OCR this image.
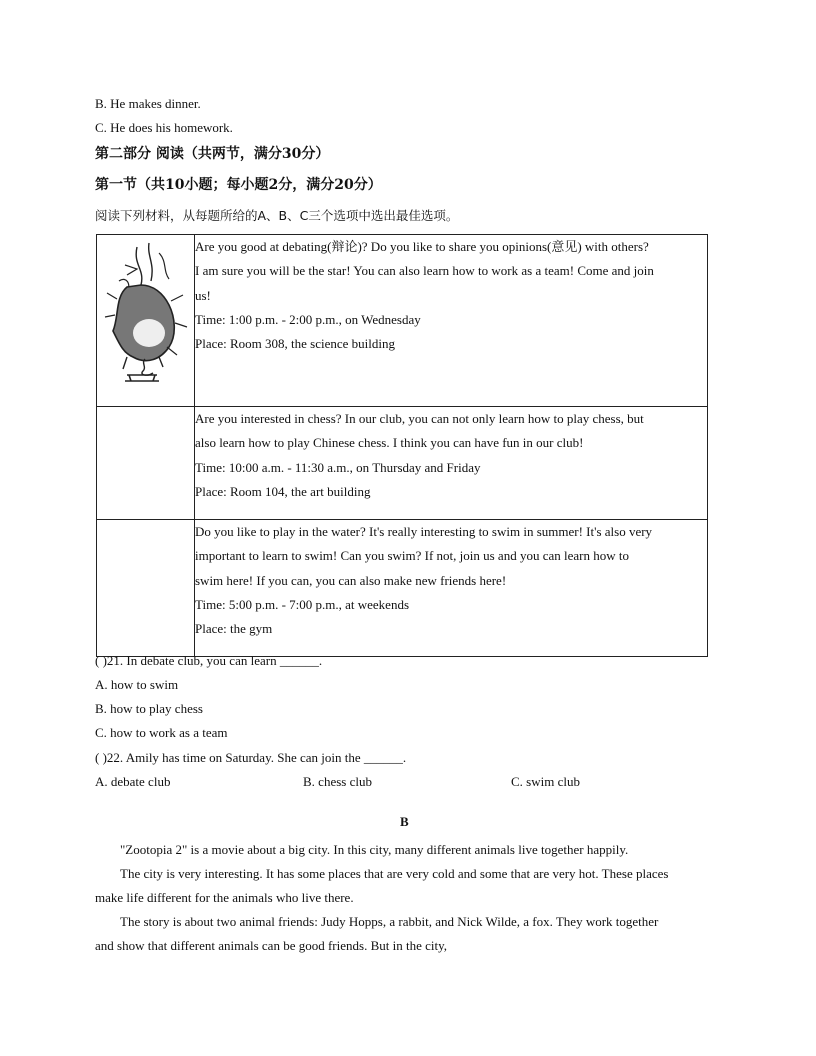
B. He makes dinner.
C. He does his homework.
第二部分 阅读（共两节，满分30分）
第一节（共10小题；每小题2分，满分20分）
阅读下列材料，从每题所给的A、B、C三个选项中选出最佳选项。

Are you good at debating(辩论)? Do you like to share you opinions(意见) with others?
I am sure you will be the star! You can also learn how to work as a team! Come and join
us!
Time: 1:00 p.m. - 2:00 p.m., on Wednesday
Place: Room 308, the science building

	Are you interested in chess? In our club, you can not only learn how to play chess, but
also learn how to play Chinese chess. I think you can have fun in our club!
Time: 10:00 a.m. - 11:30 a.m., on Thursday and Friday
Place: Room 104, the art building

	Do you like to play in the water? It's really interesting to swim in summer! It's also very
important to learn to swim! Can you swim? If not, join us and you can learn how to
swim here! If you can, you can also make new friends here!
Time: 5:00 p.m. - 7:00 p.m., at weekends
Place: the gym
( )21. In debate club, you can learn ______.
A. how to swim
B. how to play chess
C. how to work as a team
( )22. Amily has time on Saturday. She can join the ______.
A. debate club	B. chess club	C. swim club
B
"Zootopia 2" is a movie about a big city. In this city, many different animals live together happily.
The city is very interesting. It has some places that are very cold and some that are very hot. These places
make life different for the animals who live there.
The story is about two animal friends: Judy Hopps, a rabbit, and Nick Wilde, a fox. They work together
and show that different animals can be good friends. But in the city,
